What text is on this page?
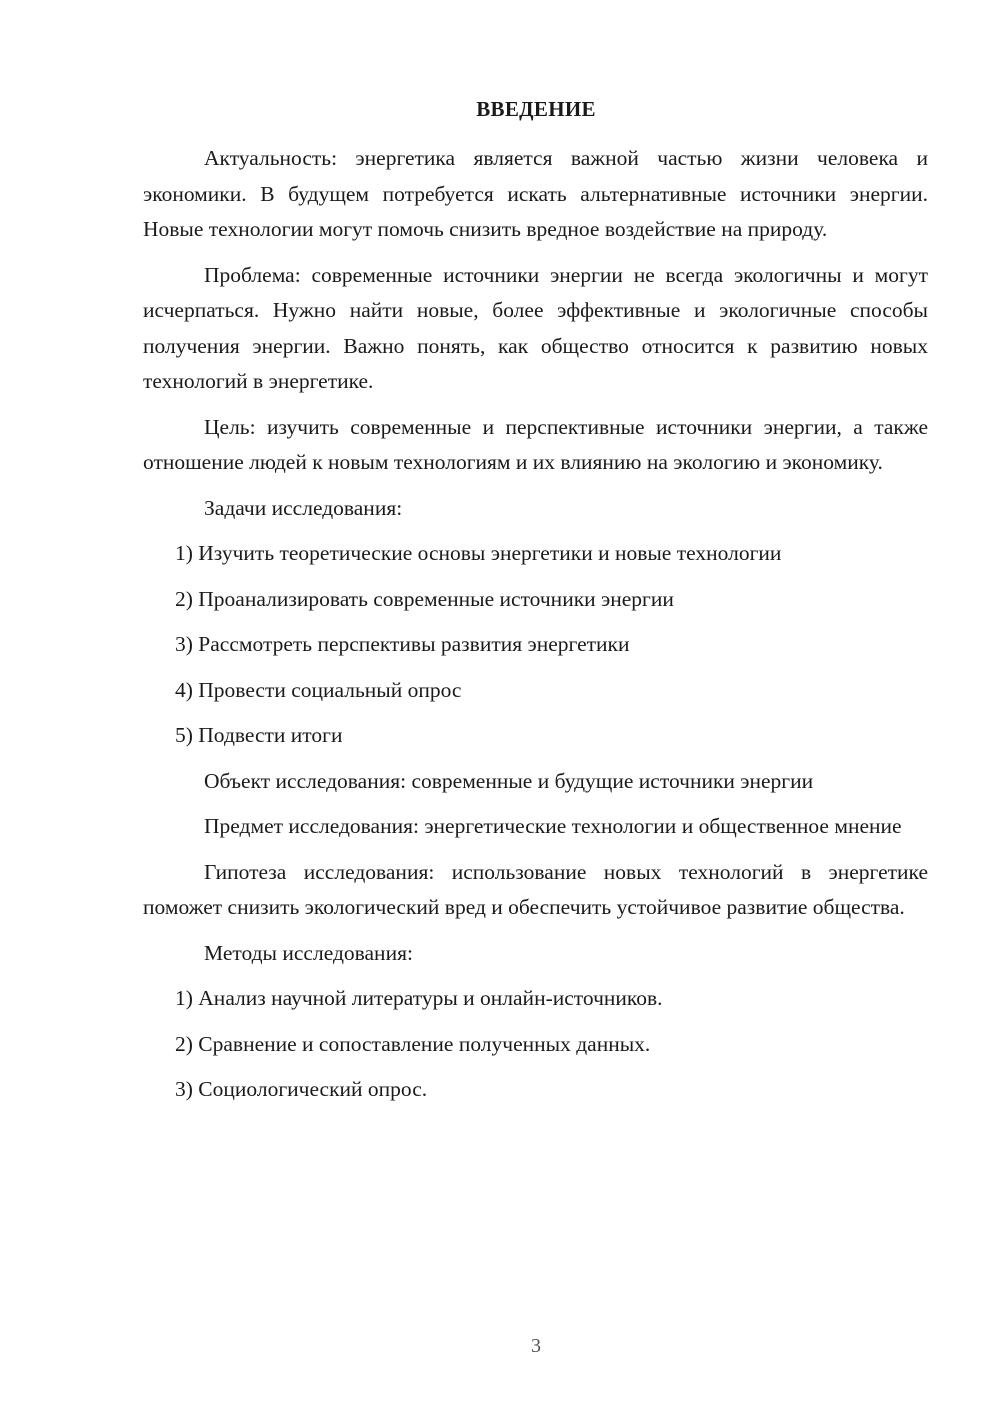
ВВЕДЕНИЕ

Актуальность: энергетика является важной частью жизни человека и экономики. В будущем потребуется искать альтернативные источники энергии. Новые технологии могут помочь снизить вредное воздействие на природу.

Проблема: современные источники энергии не всегда экологичны и могут исчерпаться. Нужно найти новые, более эффективные и экологичные способы получения энергии. Важно понять, как общество относится к развитию новых технологий в энергетике.

Цель: изучить современные и перспективные источники энергии, а также отношение людей к новым технологиям и их влиянию на экологию и экономику.

Задачи исследования:

1) Изучить теоретические основы энергетики и новые технологии

2) Проанализировать современные источники энергии

3) Рассмотреть перспективы развития энергетики

4) Провести социальный опрос

5) Подвести итоги

Объект исследования: современные и будущие источники энергии

Предмет исследования: энергетические технологии и общественное мнение

Гипотеза исследования: использование новых технологий в энергетике поможет снизить экологический вред и обеспечить устойчивое развитие общества.

Методы исследования:

1) Анализ научной литературы и онлайн-источников.

2) Сравнение и сопоставление полученных данных.

3) Социологический опрос.

3
